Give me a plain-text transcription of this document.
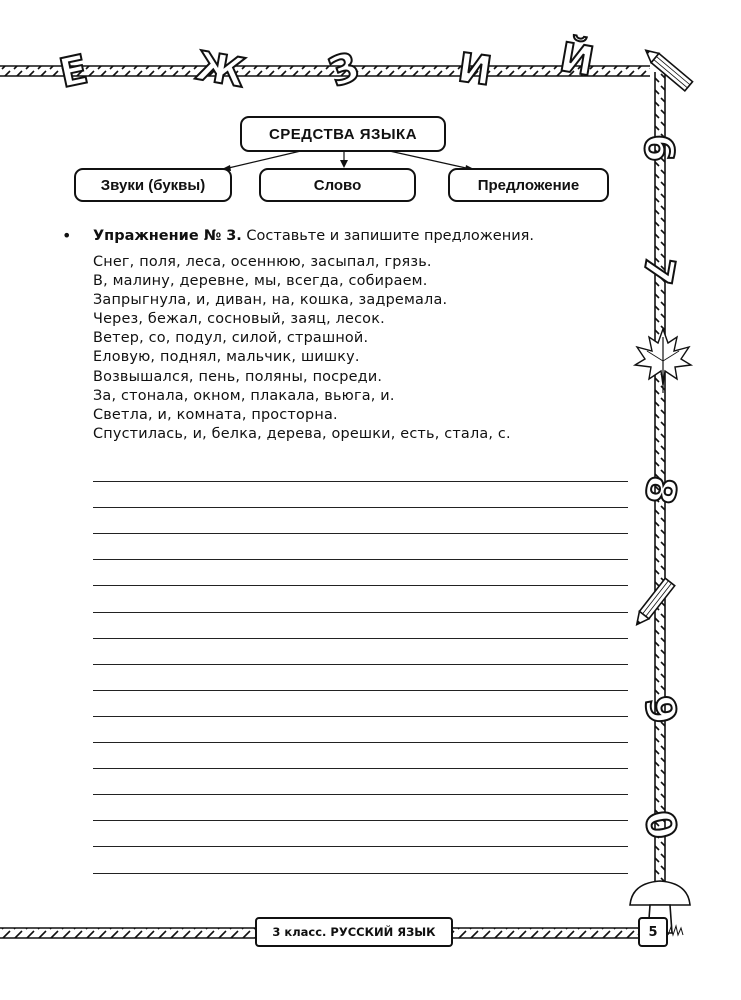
Е	Ж З И Й
6
7
8
9
0
СРЕДСТВА ЯЗЫКА
Звуки (буквы)	Слово	Предложение
• Упражнение № 3. Составьте и запишите предложения.
Снег, поля, леса, осеннюю, засыпал, грязь.
В, малину, деревне, мы, всегда, собираем.
Запрыгнула, и, диван, на, кошка, задремала.
Через, бежал, сосновый, заяц, лесок.
Ветер, со, подул, силой, страшной.
Еловую, поднял, мальчик, шишку.
Возвышался, пень, поляны, посреди.
За, стонала, окном, плакала, вьюга, и.
Светла, и, комната, просторна.
Спустилась, и, белка, дерева, орешки, есть, стала, с.
3 класс. РУССКИЙ ЯЗЫК	5
